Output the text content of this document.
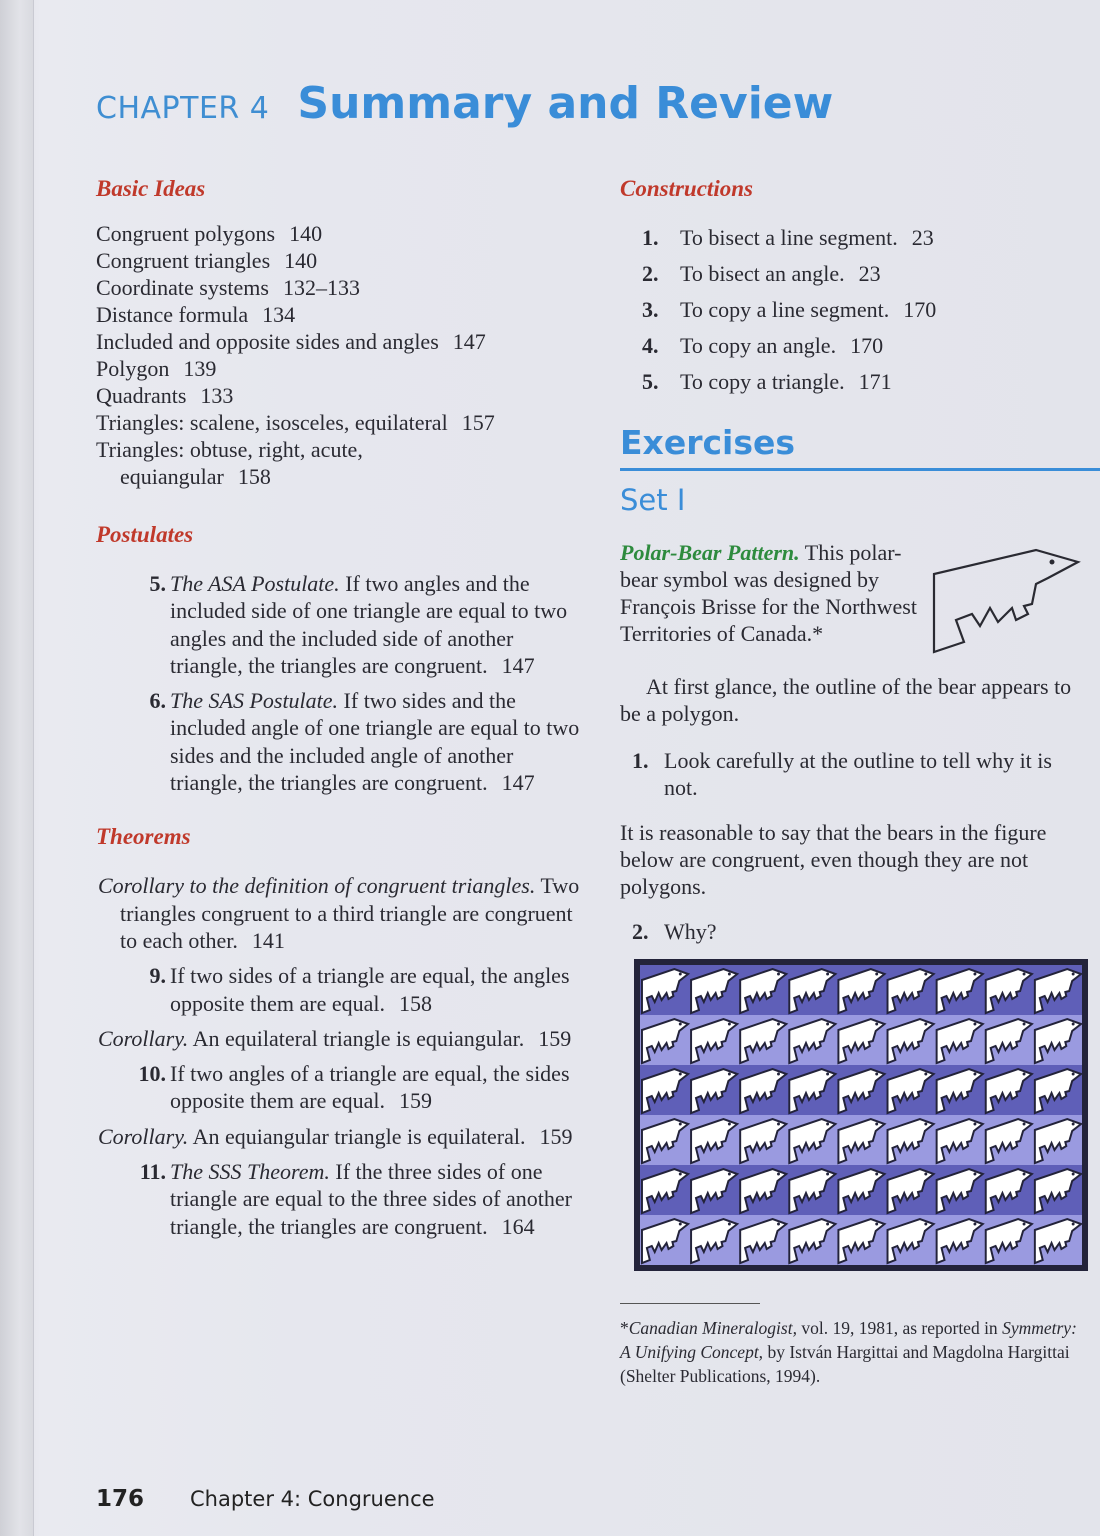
CHAPTER 4 Summary and Review
Basic Ideas
Congruent polygons 140
Congruent triangles 140
Coordinate systems 132–133
Distance formula 134
Included and opposite sides and angles 147
Polygon 139
Quadrants 133
Triangles: scalene, isosceles, equilateral 157
Triangles: obtuse, right, acute,
equiangular 158
Postulates
5. The ASA Postulate. If two angles and the included side of one triangle are equal to two angles and the included side of another triangle, the triangles are congruent. 147
6. The SAS Postulate. If two sides and the included angle of one triangle are equal to two sides and the included angle of another triangle, the triangles are congruent. 147
Theorems
Corollary to the definition of congruent triangles. Two triangles congruent to a third triangle are congruent to each other. 141
9. If two sides of a triangle are equal, the angles opposite them are equal. 158
Corollary. An equilateral triangle is equiangular. 159
10. If two angles of a triangle are equal, the sides opposite them are equal. 159
Corollary. An equiangular triangle is equilateral. 159
11. The SSS Theorem. If the three sides of one triangle are equal to the three sides of another triangle, the triangles are congruent. 164
Constructions
1. To bisect a line segment. 23
2. To bisect an angle. 23
3. To copy a line segment. 170
4. To copy an angle. 170
5. To copy a triangle. 171
Exercises
Set I
Polar-Bear Pattern. This polar-bear symbol was designed by François Brisse for the Northwest Territories of Canada.*
At first glance, the outline of the bear appears to be a polygon.
1. Look carefully at the outline to tell why it is not.
It is reasonable to say that the bears in the figure below are congruent, even though they are not polygons.
2. Why?
*Canadian Mineralogist, vol. 19, 1981, as reported in Symmetry: A Unifying Concept, by István Hargittai and Magdolna Hargittai (Shelter Publications, 1994).
176 Chapter 4: Congruence
